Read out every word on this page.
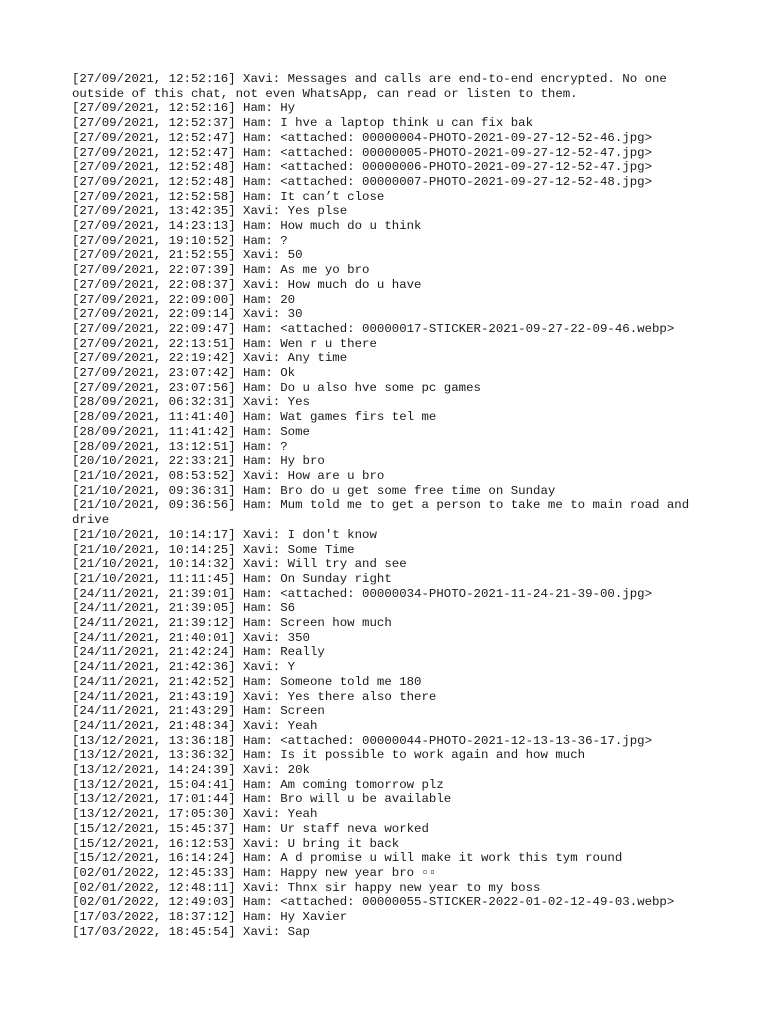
[27/09/2021, 12:52:16] Xavi: Messages and calls are end-to-end encrypted. No one outside of this chat, not even WhatsApp, can read or listen to them.
[27/09/2021, 12:52:16] Ham: Hy
[27/09/2021, 12:52:37] Ham: I hve a laptop think u can fix bak
[27/09/2021, 12:52:47] Ham: <attached: 00000004-PHOTO-2021-09-27-12-52-46.jpg>
[27/09/2021, 12:52:47] Ham: <attached: 00000005-PHOTO-2021-09-27-12-52-47.jpg>
[27/09/2021, 12:52:48] Ham: <attached: 00000006-PHOTO-2021-09-27-12-52-47.jpg>
[27/09/2021, 12:52:48] Ham: <attached: 00000007-PHOTO-2021-09-27-12-52-48.jpg>
[27/09/2021, 12:52:58] Ham: It can’t close
[27/09/2021, 13:42:35] Xavi: Yes plse
[27/09/2021, 14:23:13] Ham: How much do u think
[27/09/2021, 19:10:52] Ham: ?
[27/09/2021, 21:52:55] Xavi: 50
[27/09/2021, 22:07:39] Ham: As me yo bro
[27/09/2021, 22:08:37] Xavi: How much do u have
[27/09/2021, 22:09:00] Ham: 20
[27/09/2021, 22:09:14] Xavi: 30
[27/09/2021, 22:09:47] Ham: <attached: 00000017-STICKER-2021-09-27-22-09-46.webp>
[27/09/2021, 22:13:51] Ham: Wen r u there
[27/09/2021, 22:19:42] Xavi: Any time
[27/09/2021, 23:07:42] Ham: Ok
[27/09/2021, 23:07:56] Ham: Do u also hve some pc games
[28/09/2021, 06:32:31] Xavi: Yes
[28/09/2021, 11:41:40] Ham: Wat games firs tel me
[28/09/2021, 11:41:42] Ham: Some
[28/09/2021, 13:12:51] Ham: ?
[20/10/2021, 22:33:21] Ham: Hy bro
[21/10/2021, 08:53:52] Xavi: How are u bro
[21/10/2021, 09:36:31] Ham: Bro do u get some free time on Sunday
[21/10/2021, 09:36:56] Ham: Mum told me to get a person to take me to main road and drive
[21/10/2021, 10:14:17] Xavi: I don't know
[21/10/2021, 10:14:25] Xavi: Some Time
[21/10/2021, 10:14:32] Xavi: Will try and see
[21/10/2021, 11:11:45] Ham: On Sunday right
[24/11/2021, 21:39:01] Ham: <attached: 00000034-PHOTO-2021-11-24-21-39-00.jpg>
[24/11/2021, 21:39:05] Ham: S6
[24/11/2021, 21:39:12] Ham: Screen how much
[24/11/2021, 21:40:01] Xavi: 350
[24/11/2021, 21:42:24] Ham: Really
[24/11/2021, 21:42:36] Xavi: Y
[24/11/2021, 21:42:52] Ham: Someone told me 180
[24/11/2021, 21:43:19] Xavi: Yes there also there
[24/11/2021, 21:43:29] Ham: Screen
[24/11/2021, 21:48:34] Xavi: Yeah
[13/12/2021, 13:36:18] Ham: <attached: 00000044-PHOTO-2021-12-13-13-36-17.jpg>
[13/12/2021, 13:36:32] Ham: Is it possible to work again and how much
[13/12/2021, 14:24:39] Xavi: 20k
[13/12/2021, 15:04:41] Ham: Am coming tomorrow plz
[13/12/2021, 17:01:44] Ham: Bro will u be available
[13/12/2021, 17:05:30] Xavi: Yeah
[15/12/2021, 15:45:37] Ham: Ur staff neva worked
[15/12/2021, 16:12:53] Xavi: U bring it back
[15/12/2021, 16:14:24] Ham: A d promise u will make it work this tym round
[02/01/2022, 12:45:33] Ham: Happy new year bro ▫▫
[02/01/2022, 12:48:11] Xavi: Thnx sir happy new year to my boss
[02/01/2022, 12:49:03] Ham: <attached: 00000055-STICKER-2022-01-02-12-49-03.webp>
[17/03/2022, 18:37:12] Ham: Hy Xavier
[17/03/2022, 18:45:54] Xavi: Sap
